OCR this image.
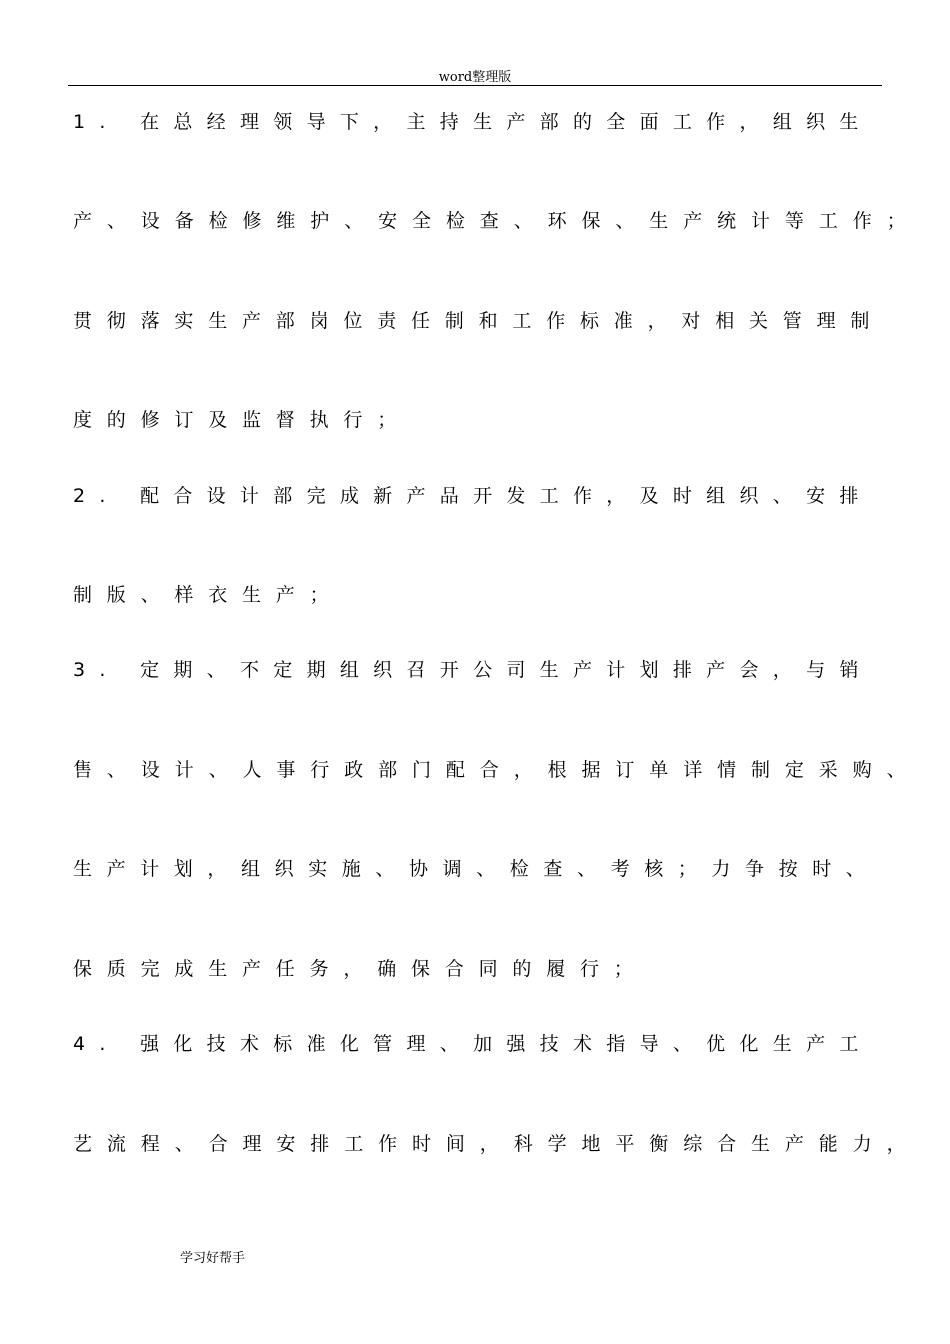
word整理版
1. 在总经理领导下，主持生产部的全面工作，组织生
产、设备检修维护、安全检查、环保、生产统计等工作；
贯彻落实生产部岗位责任制和工作标准，对相关管理制
度的修订及监督执行；
2. 配合设计部完成新产品开发工作，及时组织、安排
制版、样衣生产；
3. 定期、不定期组织召开公司生产计划排产会，与销
售、设计、人事行政部门配合，根据订单详情制定采购、
生产计划，组织实施、协调、检查、考核；力争按时、
保质完成生产任务，确保合同的履行；
4. 强化技术标准化管理、加强技术指导、优化生产工
艺流程、合理安排工作时间，科学地平衡综合生产能力，
学习好帮手
